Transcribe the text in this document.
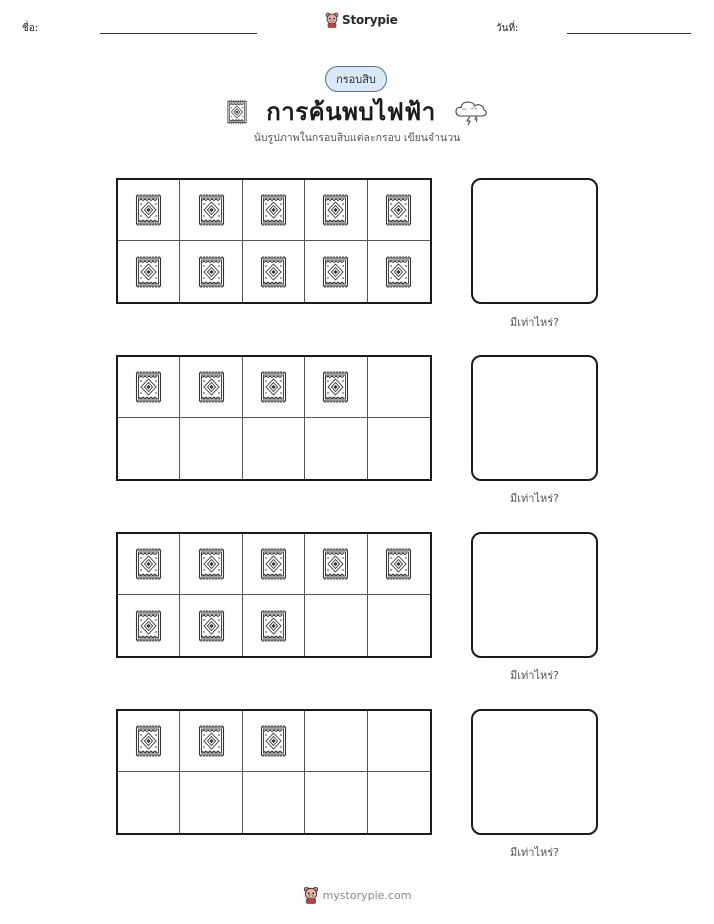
ชื่อ:
Storypie
วันที่:
กรอบสิบ
การค้นพบไฟฟ้า
นับรูปภาพในกรอบสิบแต่ละกรอบ เขียนจำนวน
มีเท่าไหร่?
มีเท่าไหร่?
มีเท่าไหร่?
มีเท่าไหร่?
mystorypie.com
